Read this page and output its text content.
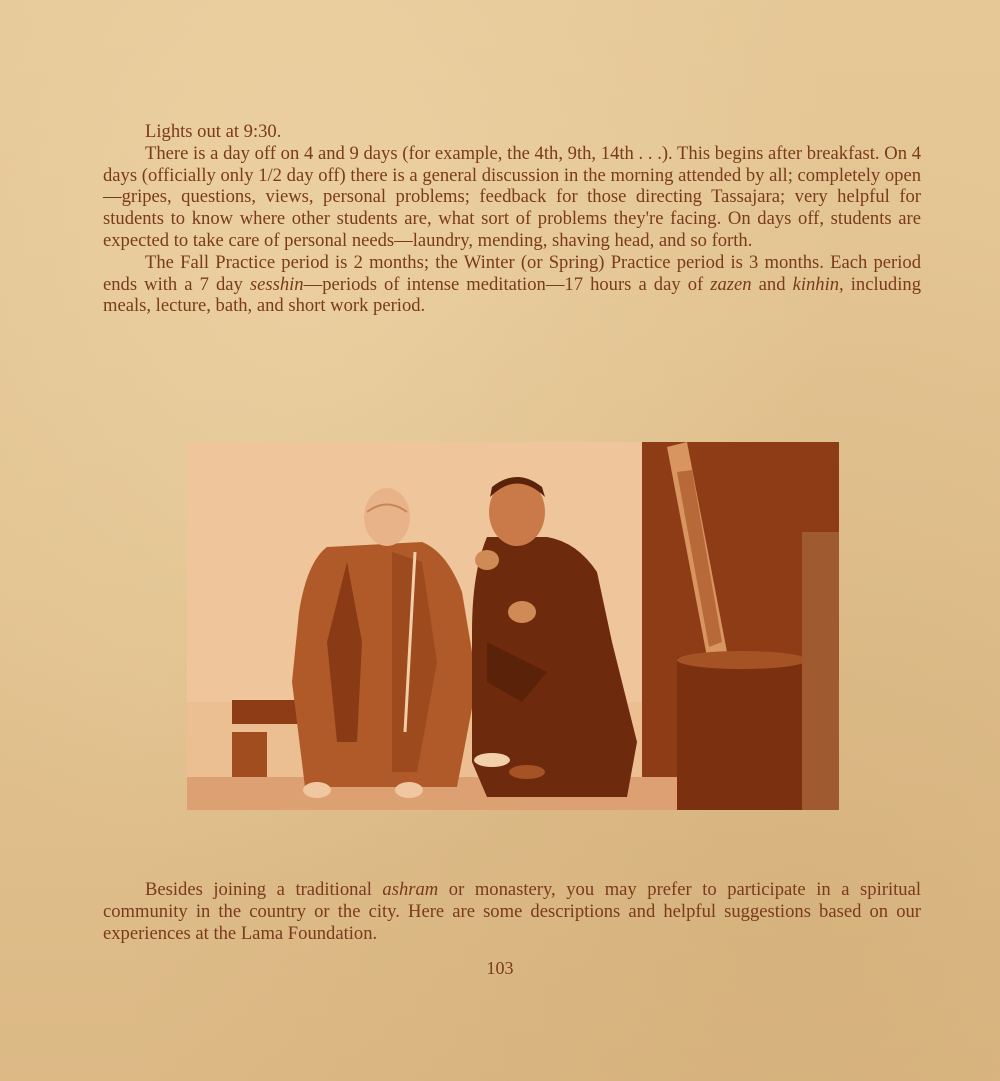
Lights out at 9:30.

There is a day off on 4 and 9 days (for example, the 4th, 9th, 14th . . .). This begins after breakfast. On 4 days (officially only 1/2 day off) there is a general discussion in the morning attended by all; completely open—gripes, questions, views, personal problems; feedback for those directing Tassajara; very helpful for students to know where other students are, what sort of problems they're facing. On days off, students are expected to take care of personal needs—laundry, mending, shaving head, and so forth.

The Fall Practice period is 2 months; the Winter (or Spring) Practice period is 3 months. Each period ends with a 7 day sesshin—periods of intense meditation—17 hours a day of zazen and kinhin, including meals, lecture, bath, and short work period.

Besides joining a traditional ashram or monastery, you may prefer to participate in a spiritual community in the country or the city. Here are some descriptions and helpful suggestions based on our experiences at the Lama Foundation.

103
